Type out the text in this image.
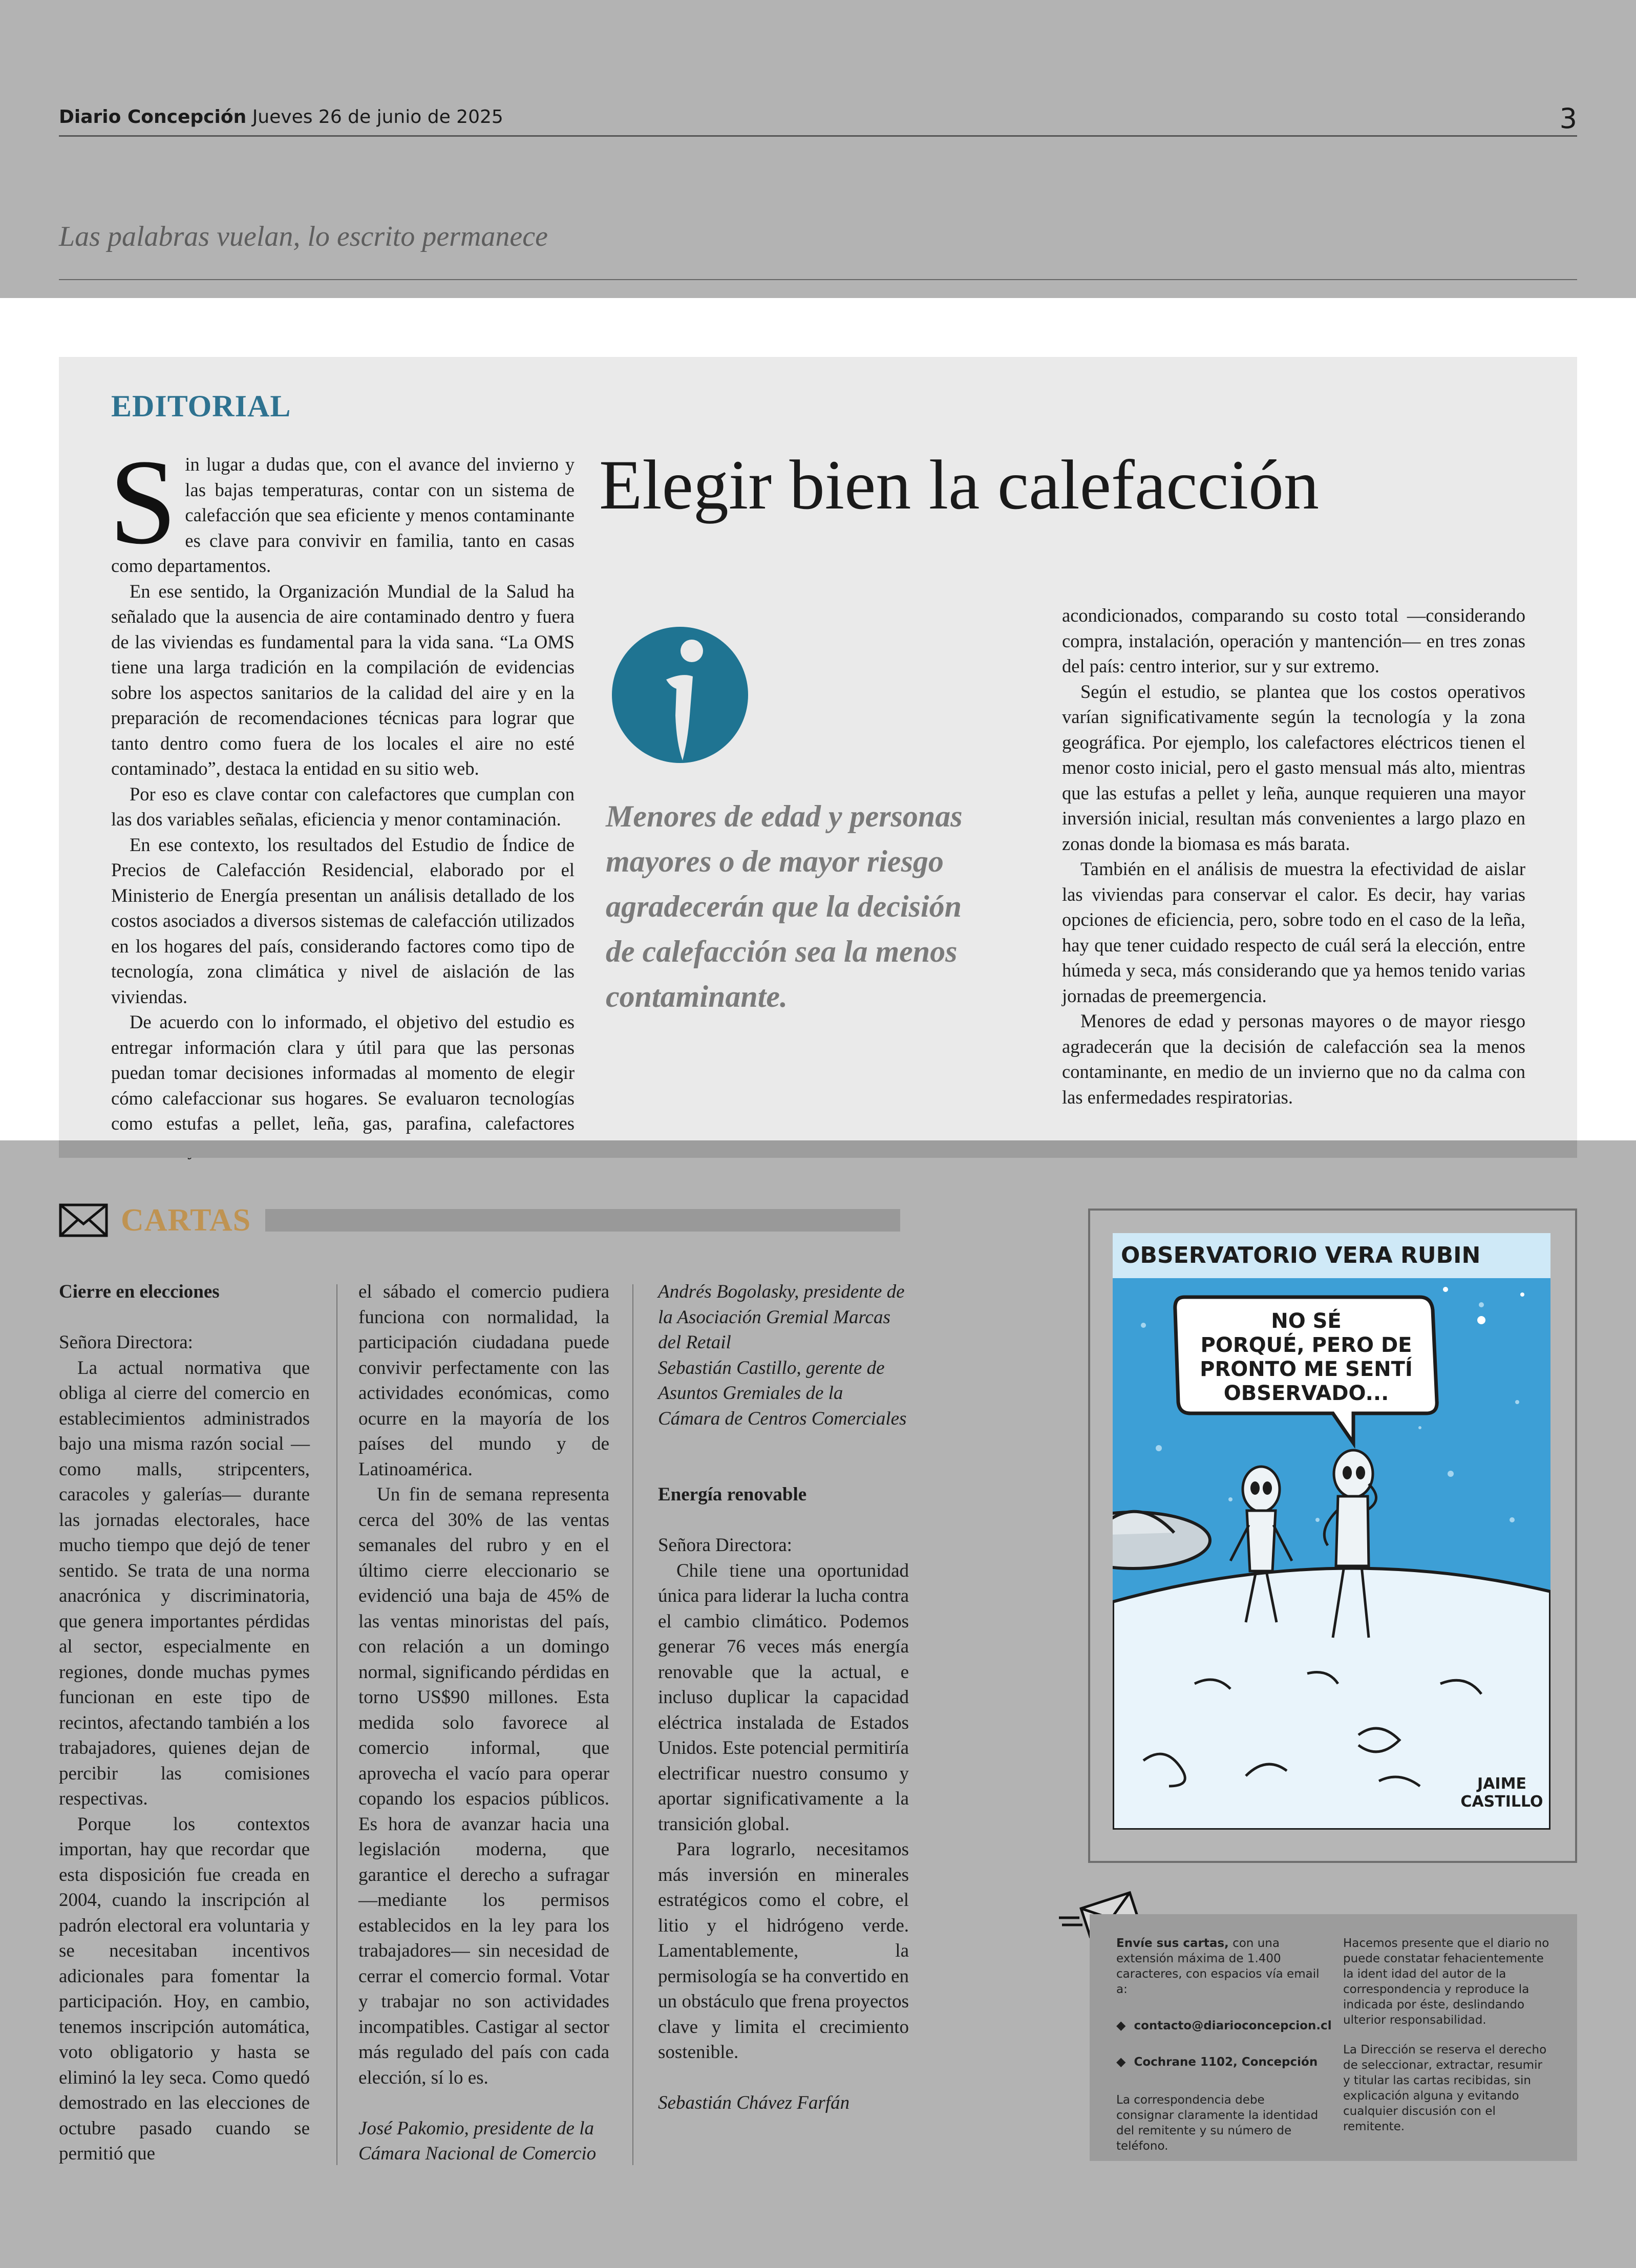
Diario Concepción Jueves 26 de junio de 2025	3
Las palabras vuelan, lo escrito permanece
EDITORIAL

Sin lugar a dudas que, con el avance del invierno y las bajas temperaturas, contar con un sistema de calefacción que sea eficiente y menos contaminante es clave para convivir en familia, tanto en casas como departamentos.

En ese sentido, la Organización Mundial de la Salud ha señalado que la ausencia de aire contaminado dentro y fuera de las viviendas es fundamental para la vida sana. “La OMS tiene una larga tradición en la compilación de evidencias sobre los aspectos sanitarios de la calidad del aire y en la preparación de recomendaciones técnicas para lograr que tanto dentro como fuera de los locales el aire no esté contaminado”, destaca la entidad en su sitio web.

Por eso es clave contar con calefactores que cumplan con las dos variables señalas, eficiencia y menor contaminación.

En ese contexto, los resultados del Estudio de Índice de Precios de Calefacción Residencial, elaborado por el Ministerio de Energía presentan un análisis detallado de los costos asociados a diversos sistemas de calefacción utilizados en los hogares del país, considerando factores como tipo de tecnología, zona climática y nivel de aislación de las viviendas.

De acuerdo con lo informado, el objetivo del estudio es entregar información clara y útil para que las personas puedan tomar decisiones informadas al momento de elegir cómo calefaccionar sus hogares. Se evaluaron tecnologías como estufas a pellet, leña, gas, parafina, calefactores

Elegir bien la calefacción
Menores de edad y personas mayores o de mayor riesgo agradecerán que la decisión de calefacción sea la menos contaminante.

acondicionados, comparando su costo total —considerando compra, instalación, operación y mantención— en tres zonas del país: centro interior, sur y sur extremo.

Según el estudio, se plantea que los costos operativos varían significativamente según la tecnología y la zona geográfica. Por ejemplo, los calefactores eléctricos tienen el menor costo inicial, pero el gasto mensual más alto, mientras que las estufas a pellet y leña, aunque requieren una mayor inversión inicial, resultan más convenientes a largo plazo en zonas donde la biomasa es más barata.

También en el análisis de muestra la efectividad de aislar las viviendas para conservar el calor. Es decir, hay varias opciones de eficiencia, pero, sobre todo en el caso de la leña, hay que tener cuidado respecto de cuál será la elección, entre húmeda y seca, más considerando que ya hemos tenido varias jornadas de preemergencia.

Menores de edad y personas mayores o de mayor riesgo agradecerán que la decisión de calefacción sea la menos contaminante, en medio de un invierno que no da calma con las enfermedades respiratorias.

CARTAS

Cierre en elecciones

Señora Directora:

La actual normativa que obliga al cierre del comercio en establecimientos administrados bajo una misma razón social —como malls, stripcenters, caracoles y galerías— durante las jornadas electorales, hace mucho tiempo que dejó de tener sentido. Se trata de una norma anacrónica y discriminatoria, que genera importantes pérdidas al sector, especialmente en regiones, donde muchas pymes funcionan en este tipo de recintos, afectando también a los trabajadores, quienes dejan de percibir las comisiones respectivas.

Porque los contextos importan, hay que recordar que esta disposición fue creada en 2004, cuando la inscripción al padrón electoral era voluntaria y se necesitaban incentivos adicionales para fomentar la participación. Hoy, en cambio, tenemos inscripción automática, voto obligatorio y hasta se eliminó la ley seca. Como quedó demostrado en las elecciones de octubre pasado cuando se permitió que

el sábado el comercio pudiera funciona con normalidad, la participación ciudadana puede convivir perfectamente con las actividades económicas, como ocurre en la mayoría de los países del mundo y de Latinoamérica.

Un fin de semana representa cerca del 30% de las ventas semanales del rubro y en el último cierre eleccionario se evidenció una baja de 45% de las ventas minoristas del país, con relación a un domingo normal, significando pérdidas en torno US$90 millones. Esta medida solo favorece al comercio informal, que aprovecha el vacío para operar copando los espacios públicos. Es hora de avanzar hacia una legislación moderna, que garantice el derecho a sufragar —mediante los permisos establecidos en la ley para los trabajadores— sin necesidad de cerrar el comercio formal. Votar y trabajar no son actividades incompatibles. Castigar al sector más regulado del país con cada elección, sí lo es.

José Pakomio, presidente de la Cámara Nacional de Comercio

Andrés Bogolasky, presidente de la Asociación Gremial Marcas del Retail

Sebastián Castillo, gerente de Asuntos Gremiales de la Cámara de Centros Comerciales

Energía renovable

Señora Directora:

Chile tiene una oportunidad única para liderar la lucha contra el cambio climático. Podemos generar 76 veces más energía renovable que la actual, e incluso duplicar la capacidad eléctrica instalada de Estados Unidos. Este potencial permitiría electrificar nuestro consumo y aportar significativamente a la transición global.

Para lograrlo, necesitamos más inversión en minerales estratégicos como el cobre, el litio y el hidrógeno verde. Lamentablemente, la permisología se ha convertido en un obstáculo que frena proyectos clave y limita el crecimiento sostenible.

Sebastián Chávez Farfán

OBSERVATORIO VERA RUBIN
NO SÉ
PORQUÉ, PERO DE
PRONTO ME SENTÍ
OBSERVADO...
JAIME
CASTILLO

Envíe sus cartas, con una extensión máxima de 1.400 caracteres, con espacios vía email a:

◆ contacto@diarioconcepcion.cl

◆ Cochrane 1102, Concepción

La correspondencia debe consignar claramente la identidad del remitente y su número de teléfono.

Hacemos presente que el diario no puede constatar fehacientemente la ident idad del autor de la correspondencia y reproduce la indicada por éste, deslindando ulterior responsabilidad.

La Dirección se reserva el derecho de seleccionar, extractar, resumir y titular las cartas recibidas, sin explicación alguna y evitando cualquier discusión con el remitente.
